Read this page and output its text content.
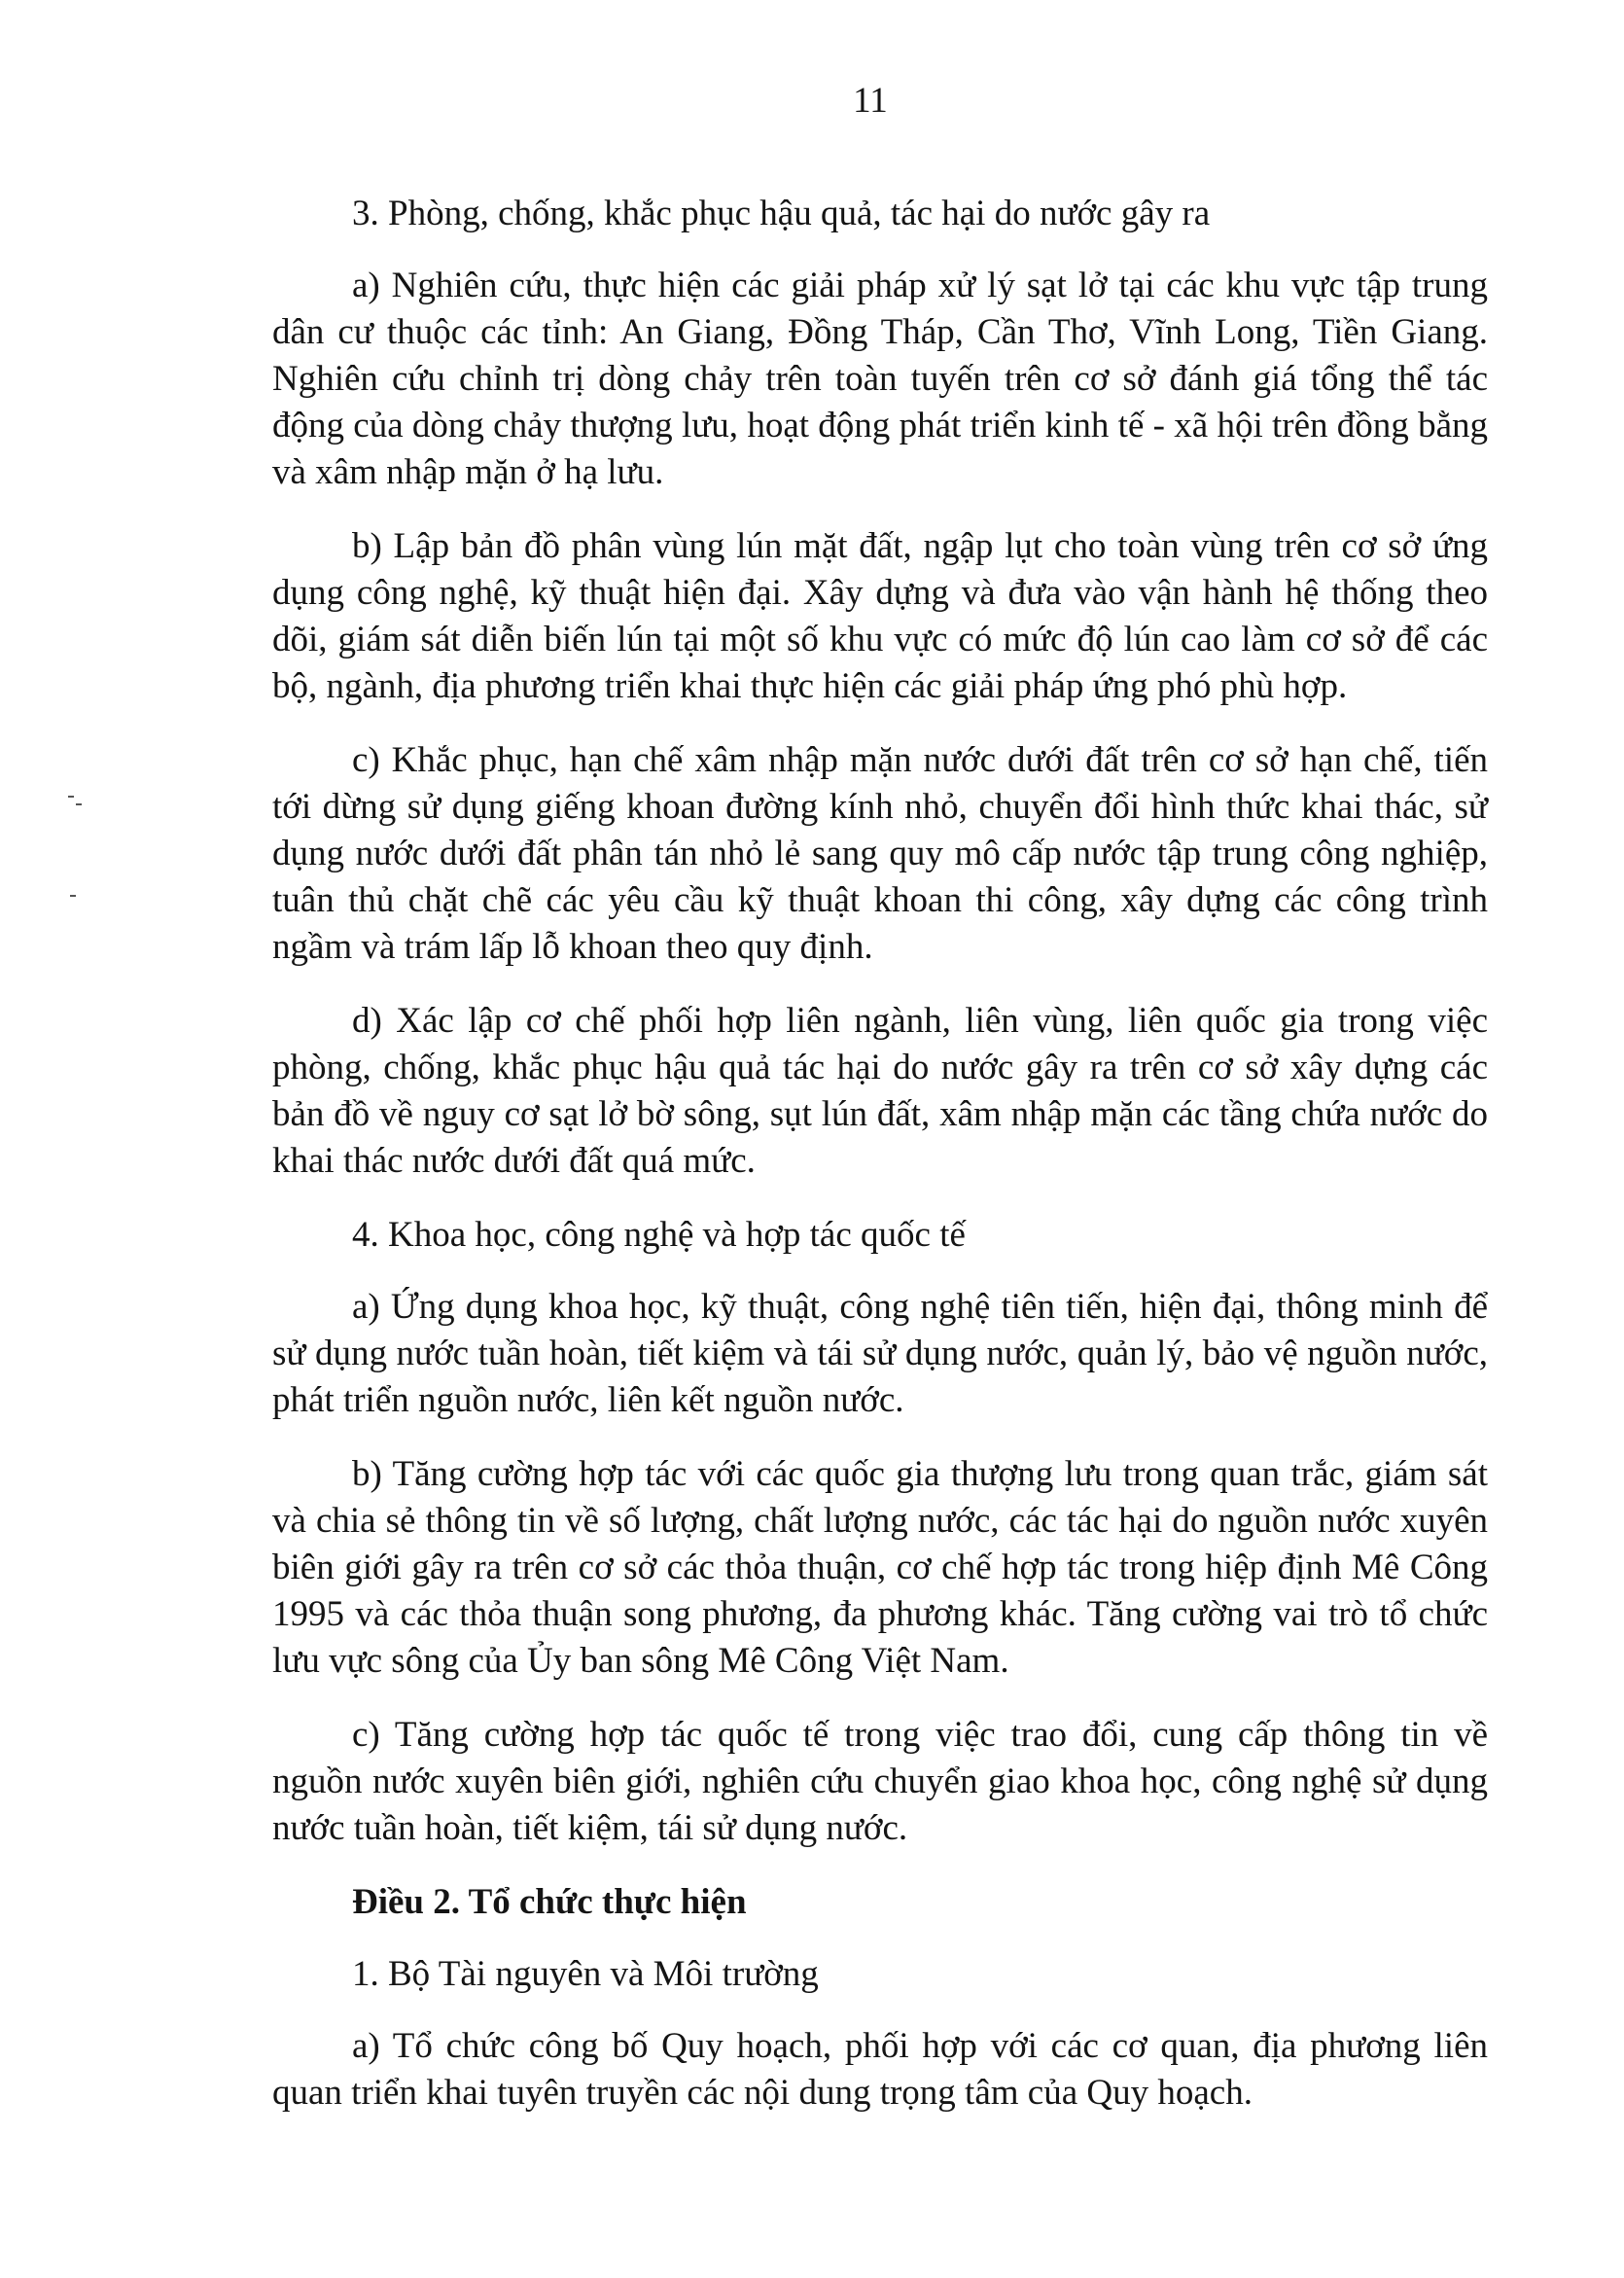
11

3. Phòng, chống, khắc phục hậu quả, tác hại do nước gây ra

a) Nghiên cứu, thực hiện các giải pháp xử lý sạt lở tại các khu vực tập trung dân cư thuộc các tỉnh: An Giang, Đồng Tháp, Cần Thơ, Vĩnh Long, Tiền Giang. Nghiên cứu chỉnh trị dòng chảy trên toàn tuyến trên cơ sở đánh giá tổng thể tác động của dòng chảy thượng lưu, hoạt động phát triển kinh tế - xã hội trên đồng bằng và xâm nhập mặn ở hạ lưu.

b) Lập bản đồ phân vùng lún mặt đất, ngập lụt cho toàn vùng trên cơ sở ứng dụng công nghệ, kỹ thuật hiện đại. Xây dựng và đưa vào vận hành hệ thống theo dõi, giám sát diễn biến lún tại một số khu vực có mức độ lún cao làm cơ sở để các bộ, ngành, địa phương triển khai thực hiện các giải pháp ứng phó phù hợp.

c) Khắc phục, hạn chế xâm nhập mặn nước dưới đất trên cơ sở hạn chế, tiến tới dừng sử dụng giếng khoan đường kính nhỏ, chuyển đổi hình thức khai thác, sử dụng nước dưới đất phân tán nhỏ lẻ sang quy mô cấp nước tập trung công nghiệp, tuân thủ chặt chẽ các yêu cầu kỹ thuật khoan thi công, xây dựng các công trình ngầm và trám lấp lỗ khoan theo quy định.

d) Xác lập cơ chế phối hợp liên ngành, liên vùng, liên quốc gia trong việc phòng, chống, khắc phục hậu quả tác hại do nước gây ra trên cơ sở xây dựng các bản đồ về nguy cơ sạt lở bờ sông, sụt lún đất, xâm nhập mặn các tầng chứa nước do khai thác nước dưới đất quá mức.

4. Khoa học, công nghệ và hợp tác quốc tế

a) Ứng dụng khoa học, kỹ thuật, công nghệ tiên tiến, hiện đại, thông minh để sử dụng nước tuần hoàn, tiết kiệm và tái sử dụng nước, quản lý, bảo vệ nguồn nước, phát triển nguồn nước, liên kết nguồn nước.

b) Tăng cường hợp tác với các quốc gia thượng lưu trong quan trắc, giám sát và chia sẻ thông tin về số lượng, chất lượng nước, các tác hại do nguồn nước xuyên biên giới gây ra trên cơ sở các thỏa thuận, cơ chế hợp tác trong hiệp định Mê Công 1995 và các thỏa thuận song phương, đa phương khác. Tăng cường vai trò tổ chức lưu vực sông của Ủy ban sông Mê Công Việt Nam.

c) Tăng cường hợp tác quốc tế trong việc trao đổi, cung cấp thông tin về nguồn nước xuyên biên giới, nghiên cứu chuyển giao khoa học, công nghệ sử dụng nước tuần hoàn, tiết kiệm, tái sử dụng nước.

Điều 2. Tổ chức thực hiện

1. Bộ Tài nguyên và Môi trường

a) Tổ chức công bố Quy hoạch, phối hợp với các cơ quan, địa phương liên quan triển khai tuyên truyền các nội dung trọng tâm của Quy hoạch.
